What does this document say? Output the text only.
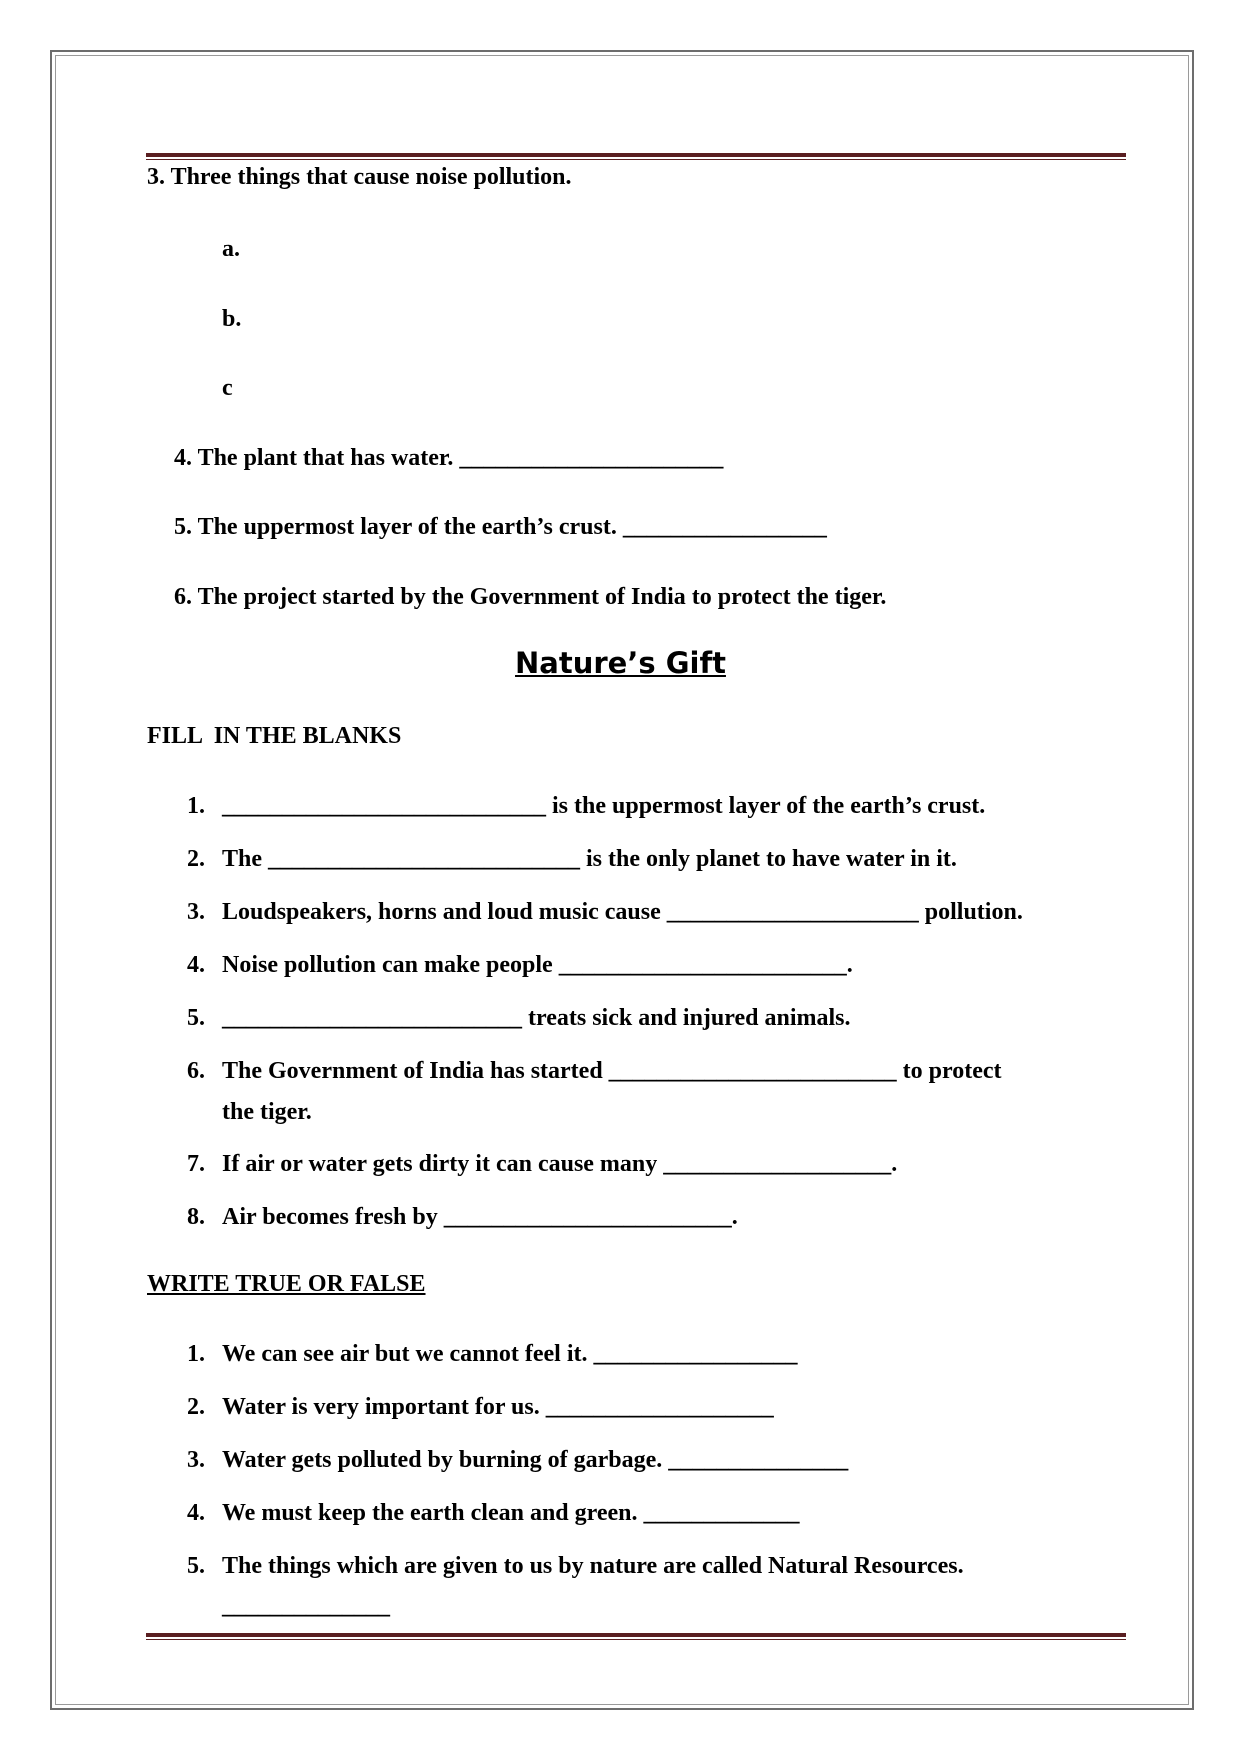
3. Three things that cause noise pollution.
a.
b.
c
4. The plant that has water. ______________________
5. The uppermost layer of the earth’s crust. _________________
6. The project started by the Government of India to protect the tiger.
Nature’s Gift
FILL  IN THE BLANKS
1. ___________________________ is the uppermost layer of the earth’s crust.
2. The __________________________ is the only planet to have water in it.
3. Loudspeakers, horns and loud music cause _____________________ pollution.
4. Noise pollution can make people ________________________.
5. _________________________ treats sick and injured animals.
6. The Government of India has started ________________________ to protect
the tiger.
7. If air or water gets dirty it can cause many ___________________.
8. Air becomes fresh by ________________________.
WRITE TRUE OR FALSE
1. We can see air but we cannot feel it. _________________
2. Water is very important for us. ___________________
3. Water gets polluted by burning of garbage. _______________
4. We must keep the earth clean and green. _____________
5. The things which are given to us by nature are called Natural Resources.
______________
